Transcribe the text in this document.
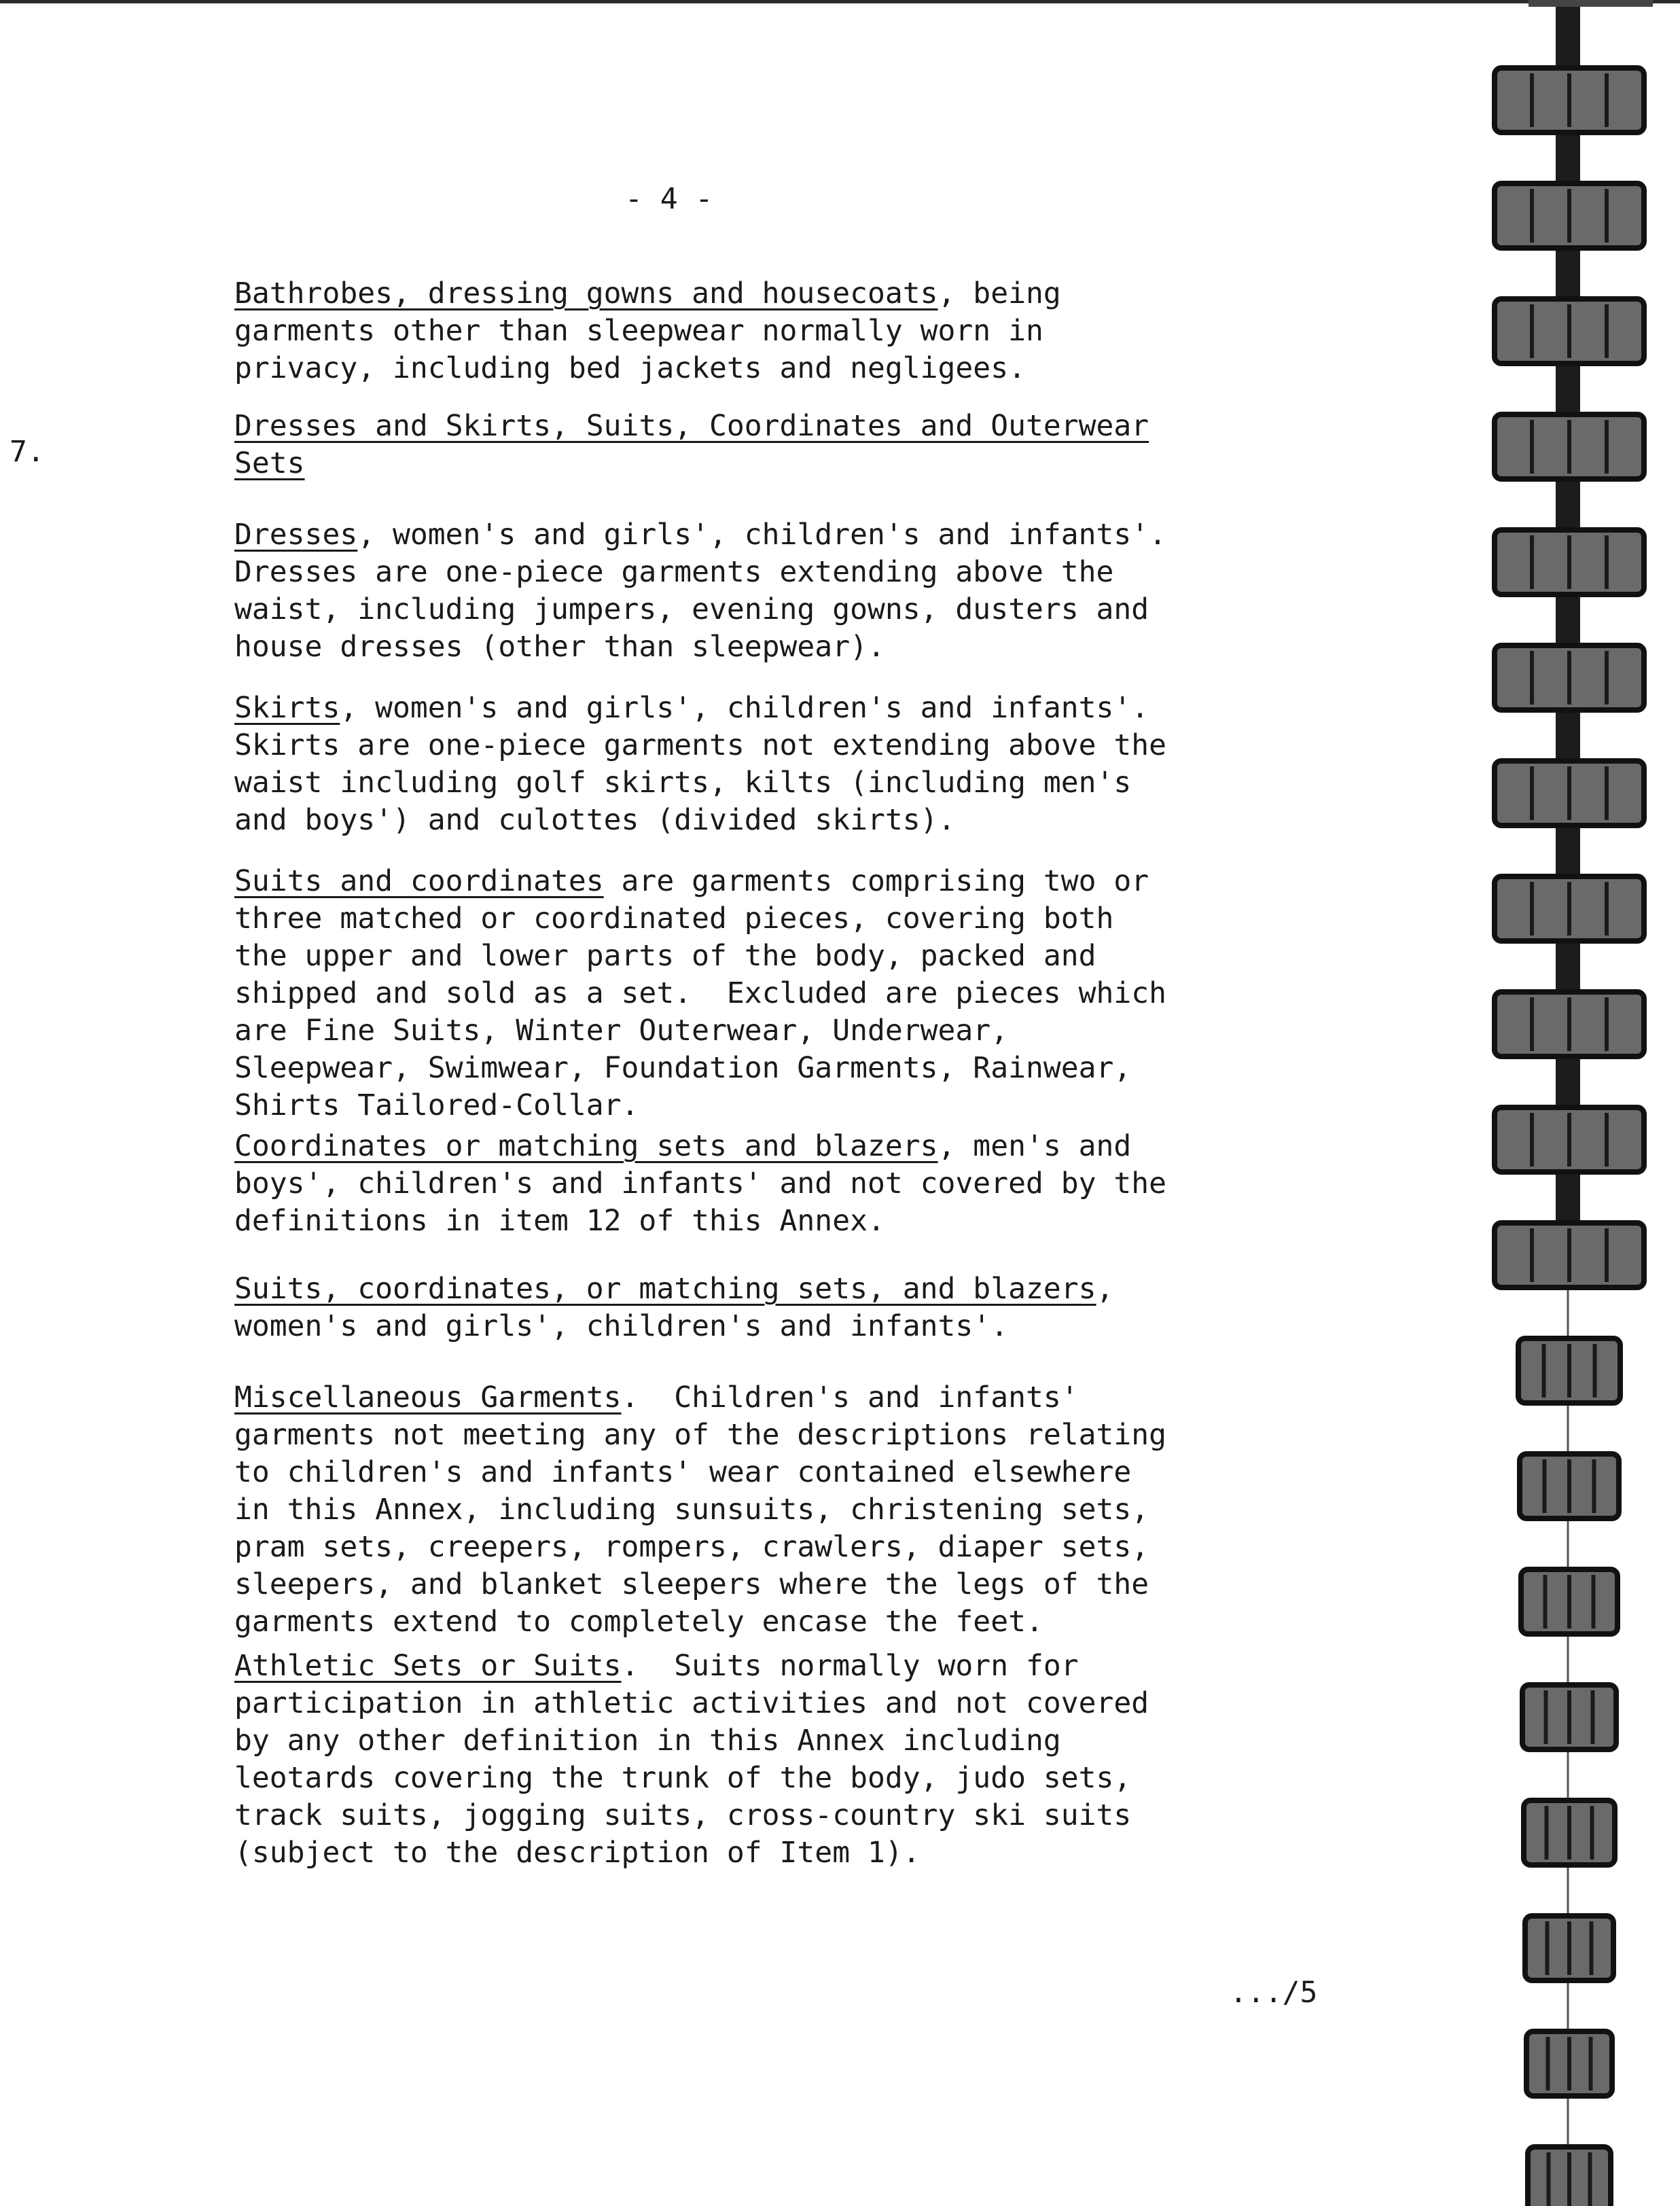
- 4 -
7.
Bathrobes, dressing gowns and housecoats, being
garments other than sleepwear normally worn in
privacy, including bed jackets and negligees.
Dresses and Skirts, Suits, Coordinates and Outerwear
Sets
Dresses, women's and girls', children's and infants'.
Dresses are one-piece garments extending above the
waist, including jumpers, evening gowns, dusters and
house dresses (other than sleepwear).
Skirts, women's and girls', children's and infants'.
Skirts are one-piece garments not extending above the
waist including golf skirts, kilts (including men's
and boys') and culottes (divided skirts).
Suits and coordinates are garments comprising two or
three matched or coordinated pieces, covering both
the upper and lower parts of the body, packed and
shipped and sold as a set.  Excluded are pieces which
are Fine Suits, Winter Outerwear, Underwear,
Sleepwear, Swimwear, Foundation Garments, Rainwear,
Shirts Tailored-Collar.
Coordinates or matching sets and blazers, men's and
boys', children's and infants' and not covered by the
definitions in item 12 of this Annex.
Suits, coordinates, or matching sets, and blazers,
women's and girls', children's and infants'.
Miscellaneous Garments.  Children's and infants'
garments not meeting any of the descriptions relating
to children's and infants' wear contained elsewhere
in this Annex, including sunsuits, christening sets,
pram sets, creepers, rompers, crawlers, diaper sets,
sleepers, and blanket sleepers where the legs of the
garments extend to completely encase the feet.
Athletic Sets or Suits.  Suits normally worn for
participation in athletic activities and not covered
by any other definition in this Annex including
leotards covering the trunk of the body, judo sets,
track suits, jogging suits, cross-country ski suits
(subject to the description of Item 1).
.../5
